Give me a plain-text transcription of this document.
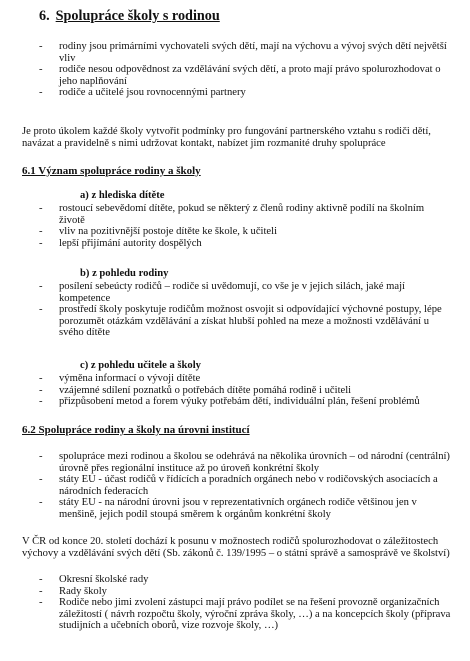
6. Spolupráce školy s rodinou
- rodiny jsou primárními vychovateli svých dětí, mají na výchovu a vývoj svých dětí největší vliv
- rodiče nesou odpovědnost za vzdělávání svých dětí, a proto mají právo spolurozhodovat o jeho naplňování
- rodiče a učitelé jsou rovnocennými partnery
Je proto úkolem každé školy vytvořit podmínky pro fungování partnerského vztahu s rodiči dětí, navázat a pravidelně s nimi udržovat kontakt, nabízet jim rozmanité druhy spolupráce
6.1 Význam spolupráce rodiny a školy
a) z hlediska dítěte
- rostoucí sebevědomí dítěte, pokud se některý z členů rodiny aktivně podílí na školním životě
- vliv na pozitivnější postoje dítěte ke škole, k učiteli
- lepší přijímání autority dospělých
b) z pohledu rodiny
- posílení sebeúcty rodičů – rodiče si uvědomují, co vše je v jejich silách, jaké mají kompetence
- prostředí školy poskytuje rodičům možnost osvojit si odpovídající výchovné postupy, lépe porozumět otázkám vzdělávání a získat hlubší pohled na meze a možnosti vzdělávání u svého dítěte
c) z pohledu učitele a školy
- výměna informací o vývoji dítěte
- vzájemné sdílení poznatků o potřebách dítěte pomáhá rodině i učiteli
- přizpůsobení metod a forem výuky potřebám dětí, individuální plán, řešení problémů
6.2 Spolupráce rodiny a školy na úrovni institucí
- spolupráce mezi rodinou a školou se odehrává na několika úrovních – od národní (centrální) úrovně přes regionální instituce až po úroveň konkrétní školy
- státy EU - účast rodičů v řídících a poradních orgánech nebo v rodičovských asociacích a národních federacích
- státy EU - na národní úrovni jsou v reprezentativních orgánech rodiče většinou jen v menšině, jejich podíl stoupá směrem k orgánům konkrétní školy
V ČR od konce 20. století dochází k posunu v možnostech rodičů spolurozhodovat o záležitostech výchovy a vzdělávání svých dětí (Sb. zákonů č. 139/1995 – o státní správě a samosprávě ve školství)
- Okresní školské rady
- Rady školy
- Rodiče nebo jimi zvolení zástupci mají právo podílet se na řešení provozně organizačních záležitostí ( návrh rozpočtu školy, výroční zpráva školy, …) a na koncepcích školy (příprava studijních a učebních oborů, vize rozvoje školy, …)
